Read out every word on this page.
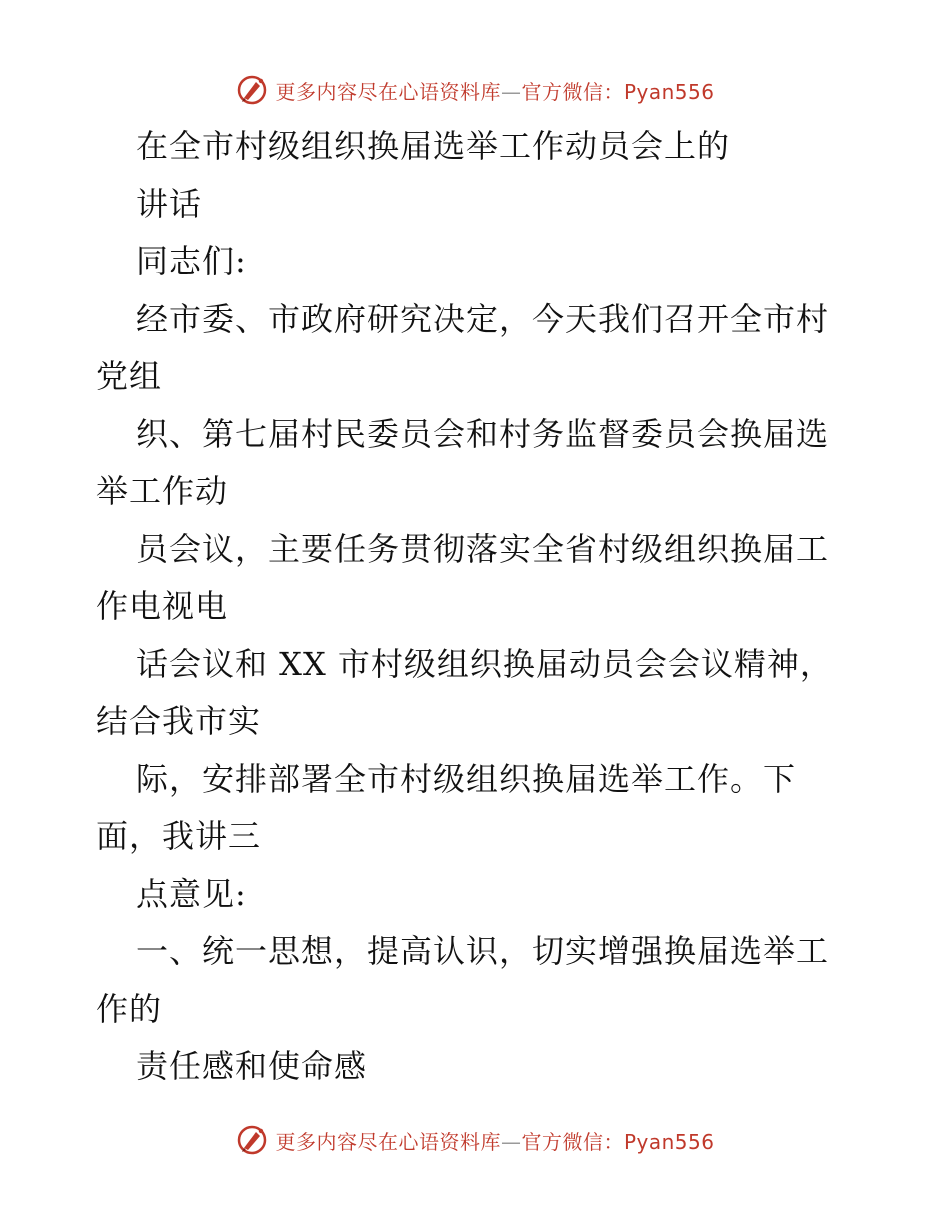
更多内容尽在心语资料库—官方微信：Pyan556
在全市村级组织换届选举工作动员会上的
讲话
同志们:
经市委、市政府研究决定，今天我们召开全市村
党组
织、第七届村民委员会和村务监督委员会换届选
举工作动
员会议，主要任务贯彻落实全省村级组织换届工
作电视电
话会议和 XX 市村级组织换届动员会会议精神，
结合我市实
际，安排部署全市村级组织换届选举工作。下
面，我讲三
点意见:
一、统一思想，提高认识，切实增强换届选举工
作的
责任感和使命感
更多内容尽在心语资料库—官方微信：Pyan556
